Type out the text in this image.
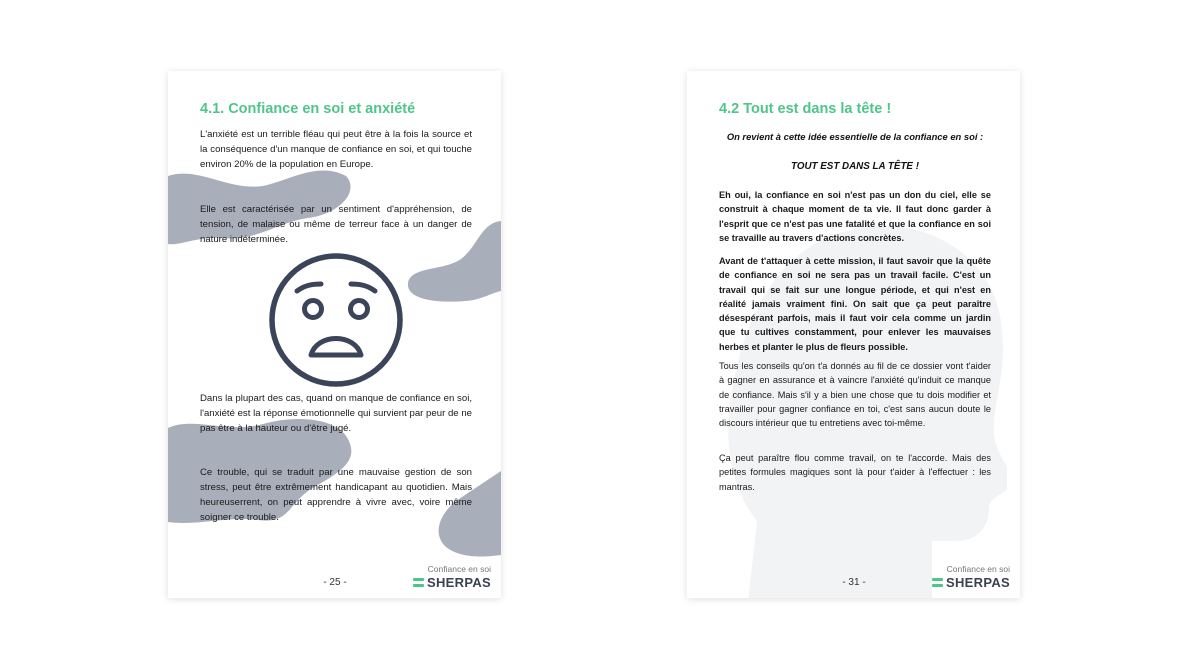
4.1. Confiance en soi et anxiété

L'anxiété est un terrible fléau qui peut être à la fois la source et la conséquence d'un manque de confiance en soi, et qui touche environ 20% de la population en Europe.

Elle est caractérisée par un sentiment d'appréhension, de tension, de malaise ou même de terreur face à un danger de nature indéterminée.

Dans la plupart des cas, quand on manque de confiance en soi, l'anxiété est la réponse émotionnelle qui survient par peur de ne pas être à la hauteur ou d'être jugé.

Ce trouble, qui se traduit par une mauvaise gestion de son stress, peut être extrêmement handicapant au quotidien. Mais heureuserrent, on peut apprendre à vivre avec, voire même soigner ce trouble.

- 25 -
Confiance en soi
SHERPAS
4.2 Tout est dans la tête !

On revient à cette idée essentielle de la confiance en soi :

TOUT EST DANS LA TÊTE !

Eh oui, la confiance en soi n'est pas un don du ciel, elle se construit à chaque moment de ta vie. Il faut donc garder à l'esprit que ce n'est pas une fatalité et que la confiance en soi se travaille au travers d'actions concrètes.

Avant de t'attaquer à cette mission, il faut savoir que la quête de confiance en soi ne sera pas un travail facile. C'est un travail qui se fait sur une longue période, et qui n'est en réalité jamais vraiment fini. On sait que ça peut paraître désespérant parfois, mais il faut voir cela comme un jardin que tu cultives constamment, pour enlever les mauvaises herbes et planter le plus de fleurs possible.

Tous les conseils qu'on t'a donnés au fil de ce dossier vont t'aider à gagner en assurance et à vaincre l'anxiété qu'induit ce manque de confiance. Mais s'il y a bien une chose que tu dois modifier et travailler pour gagner confiance en toi, c'est sans aucun doute le discours intérieur que tu entretiens avec toi-même.

Ça peut paraître flou comme travail, on te l'accorde. Mais des petites formules magiques sont là pour t'aider à l'effectuer : les mantras.

- 31 -
Confiance en soi
SHERPAS
